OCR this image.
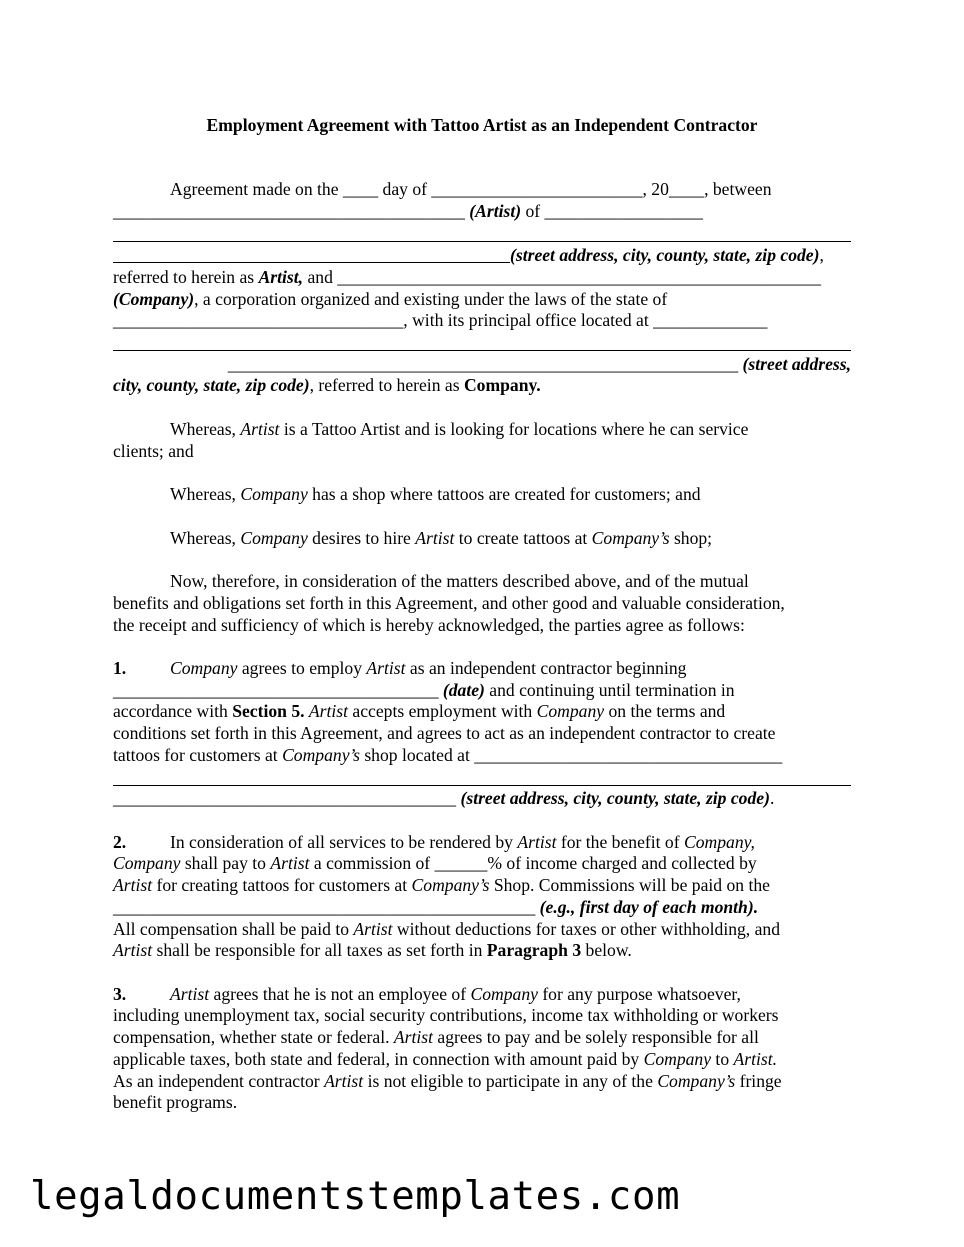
Employment Agreement with Tattoo Artist as an Independent Contractor

Agreement made on the ____ day of ________________________, 20____, between

________________________________________ (Artist) of __________________

(street address, city, county, state, zip code),

referred to herein as Artist, and _______________________________________________________

(Company), a corporation organized and existing under the laws of the state of

_________________________________, with its principal office located at _____________

__________________________________________________________ (street address,

city, county, state, zip code), referred to herein as Company.

Whereas, Artist is a Tattoo Artist and is looking for locations where he can service

clients; and

Whereas, Company has a shop where tattoos are created for customers; and

Whereas, Company desires to hire Artist to create tattoos at Company’s shop;

Now, therefore, in consideration of the matters described above, and of the mutual

benefits and obligations set forth in this Agreement, and other good and valuable consideration,

the receipt and sufficiency of which is hereby acknowledged, the parties agree as follows:

1. Company agrees to employ Artist as an independent contractor beginning

_____________________________________ (date) and continuing until termination in

accordance with Section 5. Artist accepts employment with Company on the terms and

conditions set forth in this Agreement, and agrees to act as an independent contractor to create

tattoos for customers at Company’s shop located at ___________________________________

_______________________________________ (street address, city, county, state, zip code).

2. In consideration of all services to be rendered by Artist for the benefit of Company,

Company shall pay to Artist a commission of ______% of income charged and collected by

Artist for creating tattoos for customers at Company’s Shop. Commissions will be paid on the

________________________________________________ (e.g., first day of each month).

All compensation shall be paid to Artist without deductions for taxes or other withholding, and

Artist shall be responsible for all taxes as set forth in Paragraph 3 below.

3. Artist agrees that he is not an employee of Company for any purpose whatsoever,

including unemployment tax, social security contributions, income tax withholding or workers

compensation, whether state or federal. Artist agrees to pay and be solely responsible for all

applicable taxes, both state and federal, in connection with amount paid by Company to Artist.

As an independent contractor Artist is not eligible to participate in any of the Company’s fringe

benefit programs.

legaldocumentstemplates.com
